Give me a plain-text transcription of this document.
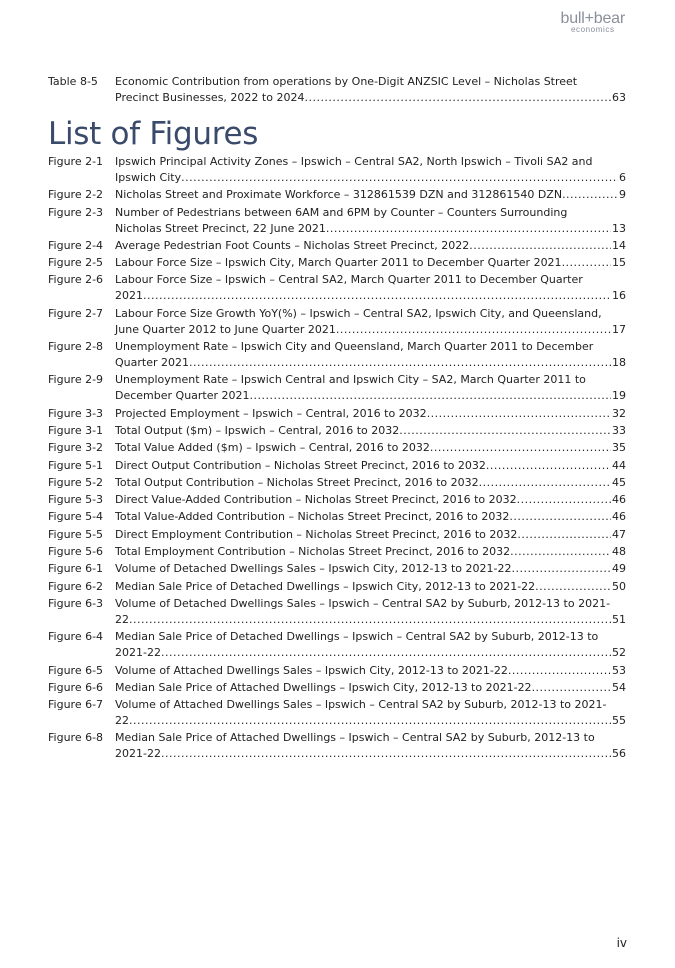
bull+bear
economics
Table 8-5	Economic Contribution from operations by One-Digit ANZSIC Level – Nicholas Street
Precinct Businesses, 2022 to 2024 .....	63
List of Figures
Figure 2-1	Ipswich Principal Activity Zones – Ipswich – Central SA2, North Ipswich – Tivoli SA2 and
Ipswich City .....	6
Figure 2-2	Nicholas Street and Proximate Workforce – 312861539 DZN and 312861540 DZN .....	9
Figure 2-3	Number of Pedestrians between 6AM and 6PM by Counter – Counters Surrounding
Nicholas Street Precinct, 22 June 2021 .....	13
Figure 2-4	Average Pedestrian Foot Counts – Nicholas Street Precinct, 2022 .....	14
Figure 2-5	Labour Force Size – Ipswich City, March Quarter 2011 to December Quarter 2021 .....	15
Figure 2-6	Labour Force Size – Ipswich – Central SA2, March Quarter 2011 to December Quarter
2021 .....	16
Figure 2-7	Labour Force Size Growth YoY(%) – Ipswich – Central SA2, Ipswich City, and Queensland,
June Quarter 2012 to June Quarter 2021 .....	17
Figure 2-8	Unemployment Rate – Ipswich City and Queensland, March Quarter 2011 to December
Quarter 2021 .....	18
Figure 2-9	Unemployment Rate – Ipswich Central and Ipswich City – SA2, March Quarter 2011 to
December Quarter 2021 .....	19
Figure 3-3	Projected Employment – Ipswich – Central, 2016 to 2032 .....	32
Figure 3-1	Total Output ($m) – Ipswich – Central, 2016 to 2032 .....	33
Figure 3-2	Total Value Added ($m) – Ipswich – Central, 2016 to 2032 .....	35
Figure 5-1	Direct Output Contribution – Nicholas Street Precinct, 2016 to 2032 .....	44
Figure 5-2	Total Output Contribution – Nicholas Street Precinct, 2016 to 2032 .....	45
Figure 5-3	Direct Value-Added Contribution – Nicholas Street Precinct, 2016 to 2032 .....	46
Figure 5-4	Total Value-Added Contribution – Nicholas Street Precinct, 2016 to 2032 .....	46
Figure 5-5	Direct Employment Contribution – Nicholas Street Precinct, 2016 to 2032 .....	47
Figure 5-6	Total Employment Contribution – Nicholas Street Precinct, 2016 to 2032 .....	48
Figure 6-1	Volume of Detached Dwellings Sales – Ipswich City, 2012-13 to 2021-22 .....	49
Figure 6-2	Median Sale Price of Detached Dwellings – Ipswich City, 2012-13 to 2021-22 .....	50
Figure 6-3	Volume of Detached Dwellings Sales – Ipswich – Central SA2 by Suburb, 2012-13 to 2021-
22 .....	51
Figure 6-4	Median Sale Price of Detached Dwellings – Ipswich – Central SA2 by Suburb, 2012-13 to
2021-22 .....	52
Figure 6-5	Volume of Attached Dwellings Sales – Ipswich City, 2012-13 to 2021-22 .....	53
Figure 6-6	Median Sale Price of Attached Dwellings – Ipswich City, 2012-13 to 2021-22 .....	54
Figure 6-7	Volume of Attached Dwellings Sales – Ipswich – Central SA2 by Suburb, 2012-13 to 2021-
22 .....	55
Figure 6-8	Median Sale Price of Attached Dwellings – Ipswich – Central SA2 by Suburb, 2012-13 to
2021-22 .....	56
iv
